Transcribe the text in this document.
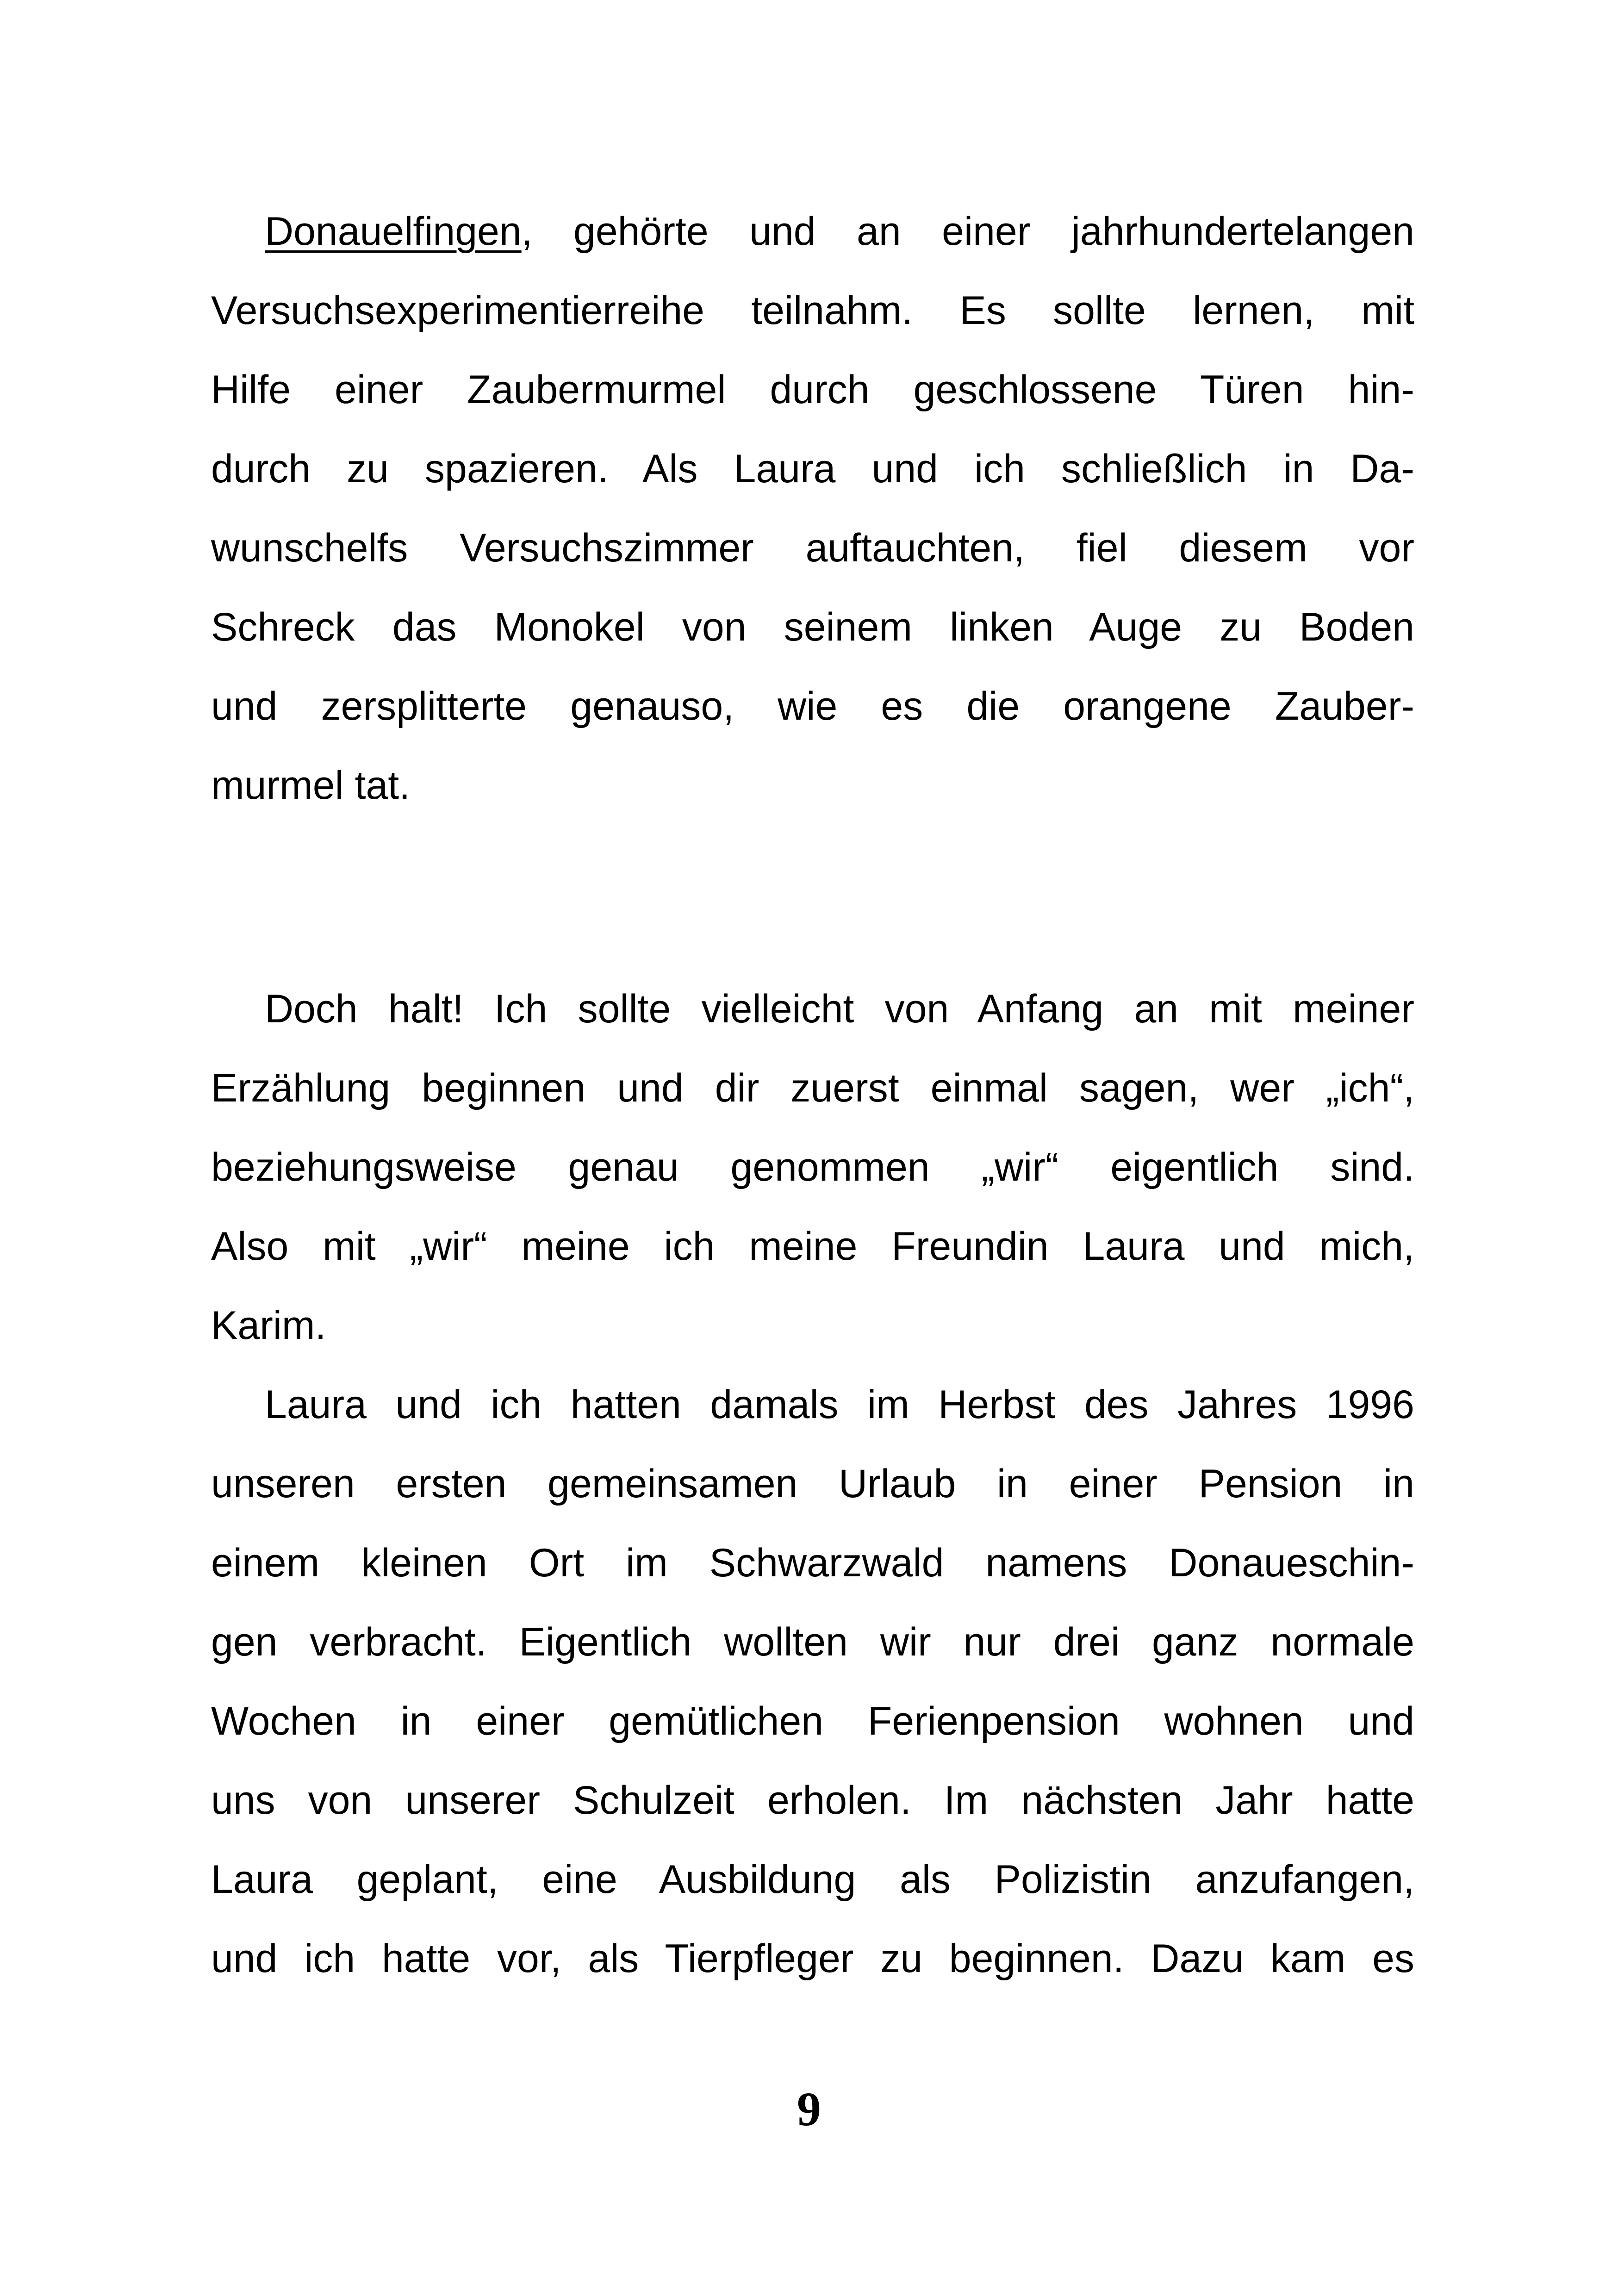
Donauelfingen, gehörte und an einer jahrhundertelangen
Versuchsexperimentierreihe teilnahm. Es sollte lernen, mit
Hilfe einer Zaubermurmel durch geschlossene Türen hin-
durch zu spazieren. Als Laura und ich schließlich in Da-
wunschelfs Versuchszimmer auftauchten, fiel diesem vor
Schreck das Monokel von seinem linken Auge zu Boden
und zersplitterte genauso, wie es die orangene Zauber-
murmel tat.
Doch halt! Ich sollte vielleicht von Anfang an mit meiner
Erzählung beginnen und dir zuerst einmal sagen, wer „ich“,
beziehungsweise genau genommen „wir“ eigentlich sind.
Also mit „wir“ meine ich meine Freundin Laura und mich,
Karim.
Laura und ich hatten damals im Herbst des Jahres 1996
unseren ersten gemeinsamen Urlaub in einer Pension in
einem kleinen Ort im Schwarzwald namens Donaueschin-
gen verbracht. Eigentlich wollten wir nur drei ganz normale
Wochen in einer gemütlichen Ferienpension wohnen und
uns von unserer Schulzeit erholen. Im nächsten Jahr hatte
Laura geplant, eine Ausbildung als Polizistin anzufangen,
und ich hatte vor, als Tierpfleger zu beginnen. Dazu kam es
9
